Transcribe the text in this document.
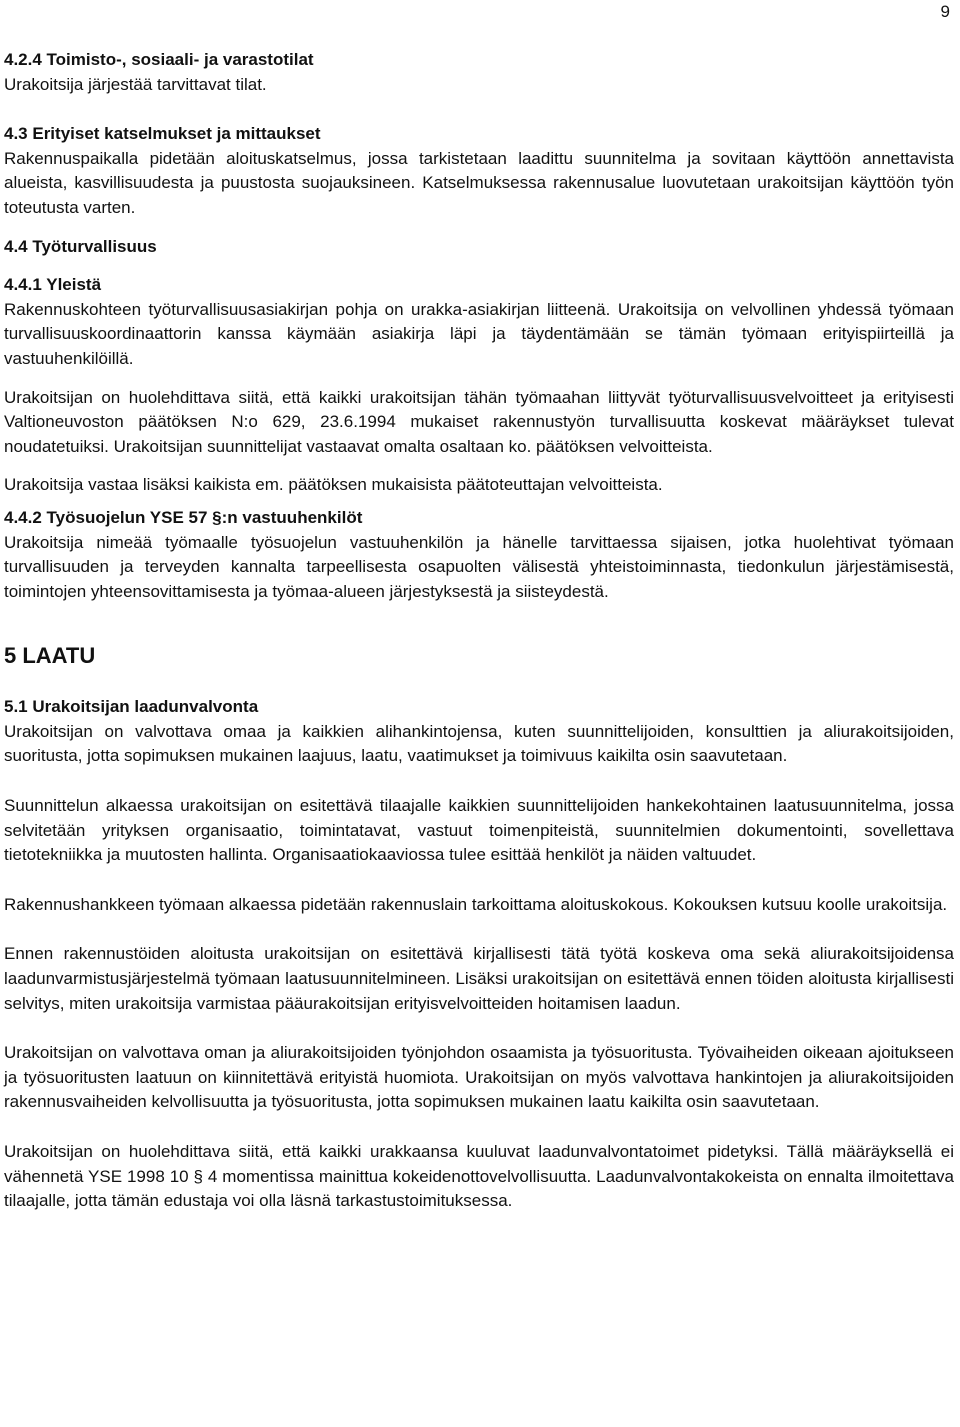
9
4.2.4 Toimisto-, sosiaali- ja varastotilat

Urakoitsija järjestää tarvittavat tilat.

4.3 Erityiset katselmukset ja mittaukset

Rakennuspaikalla pidetään aloituskatselmus, jossa tarkistetaan laadittu suunnitelma ja sovitaan käyttöön annettavista alueista, kasvillisuudesta ja puustosta suojauksineen. Katselmuksessa rakennusalue luovutetaan urakoitsijan käyttöön työn toteutusta varten.

4.4 Työturvallisuus
4.4.1 Yleistä

Rakennuskohteen työturvallisuusasiakirjan pohja on urakka-asiakirjan liitteenä. Urakoitsija on velvollinen yhdessä työmaan turvallisuuskoordinaattorin kanssa käymään asiakirja läpi ja täydentämään se tämän työmaan erityispiirteillä ja vastuuhenkilöillä.

Urakoitsijan on huolehdittava siitä, että kaikki urakoitsijan tähän työmaahan liittyvät työturvallisuusvelvoitteet ja erityisesti Valtioneuvoston päätöksen N:o 629, 23.6.1994 mukaiset rakennustyön turvallisuutta koskevat määräykset tulevat noudatetuiksi. Urakoitsijan suunnittelijat vastaavat omalta osaltaan ko. päätöksen velvoitteista.

Urakoitsija vastaa lisäksi kaikista em. päätöksen mukaisista päätoteuttajan velvoitteista.

4.4.2 Työsuojelun YSE 57 §:n vastuuhenkilöt

Urakoitsija nimeää työmaalle työsuojelun vastuuhenkilön ja hänelle tarvittaessa sijaisen, jotka huolehtivat työmaan turvallisuuden ja terveyden kannalta tarpeellisesta osapuolten välisestä yhteistoiminnasta, tiedonkulun järjestämisestä, toimintojen yhteensovittamisesta ja työmaa-alueen järjestyksestä ja siisteydestä.

5 LAATU
5.1 Urakoitsijan laadunvalvonta

Urakoitsijan on valvottava omaa ja kaikkien alihankintojensa, kuten suunnittelijoiden, konsulttien ja aliurakoitsijoiden, suoritusta, jotta sopimuksen mukainen laajuus, laatu, vaatimukset ja toimivuus kaikilta osin saavutetaan.

Suunnittelun alkaessa urakoitsijan on esitettävä tilaajalle kaikkien suunnittelijoiden hankekohtainen laatusuunnitelma, jossa selvitetään yrityksen organisaatio, toimintatavat, vastuut toimenpiteistä, suunnitelmien dokumentointi, sovellettava tietotekniikka ja muutosten hallinta. Organisaatiokaaviossa tulee esittää henkilöt ja näiden valtuudet.

Rakennushankkeen työmaan alkaessa pidetään rakennuslain tarkoittama aloituskokous. Kokouksen kutsuu koolle urakoitsija.

Ennen rakennustöiden aloitusta urakoitsijan on esitettävä kirjallisesti tätä työtä koskeva oma sekä aliurakoitsijoidensa laadunvarmistusjärjestelmä työmaan laatusuunnitelmineen. Lisäksi urakoitsijan on esitettävä ennen töiden aloitusta kirjallisesti selvitys, miten urakoitsija varmistaa pääurakoitsijan erityisvelvoitteiden hoitamisen laadun.

Urakoitsijan on valvottava oman ja aliurakoitsijoiden työnjohdon osaamista ja työsuoritusta. Työvaiheiden oikeaan ajoitukseen ja työsuoritusten laatuun on kiinnitettävä erityistä huomiota. Urakoitsijan on myös valvottava hankintojen ja aliurakoitsijoiden rakennusvaiheiden kelvollisuutta ja työsuoritusta, jotta sopimuksen mukainen laatu kaikilta osin saavutetaan.

Urakoitsijan on huolehdittava siitä, että kaikki urakkaansa kuuluvat laadunvalvontatoimet pidetyksi. Tällä määräyksellä ei vähennetä YSE 1998 10 § 4 momentissa mainittua kokeidenottovelvollisuutta. Laadunvalvontakokeista on ennalta ilmoitettava tilaajalle, jotta tämän edustaja voi olla läsnä tarkastustoimituksessa.
